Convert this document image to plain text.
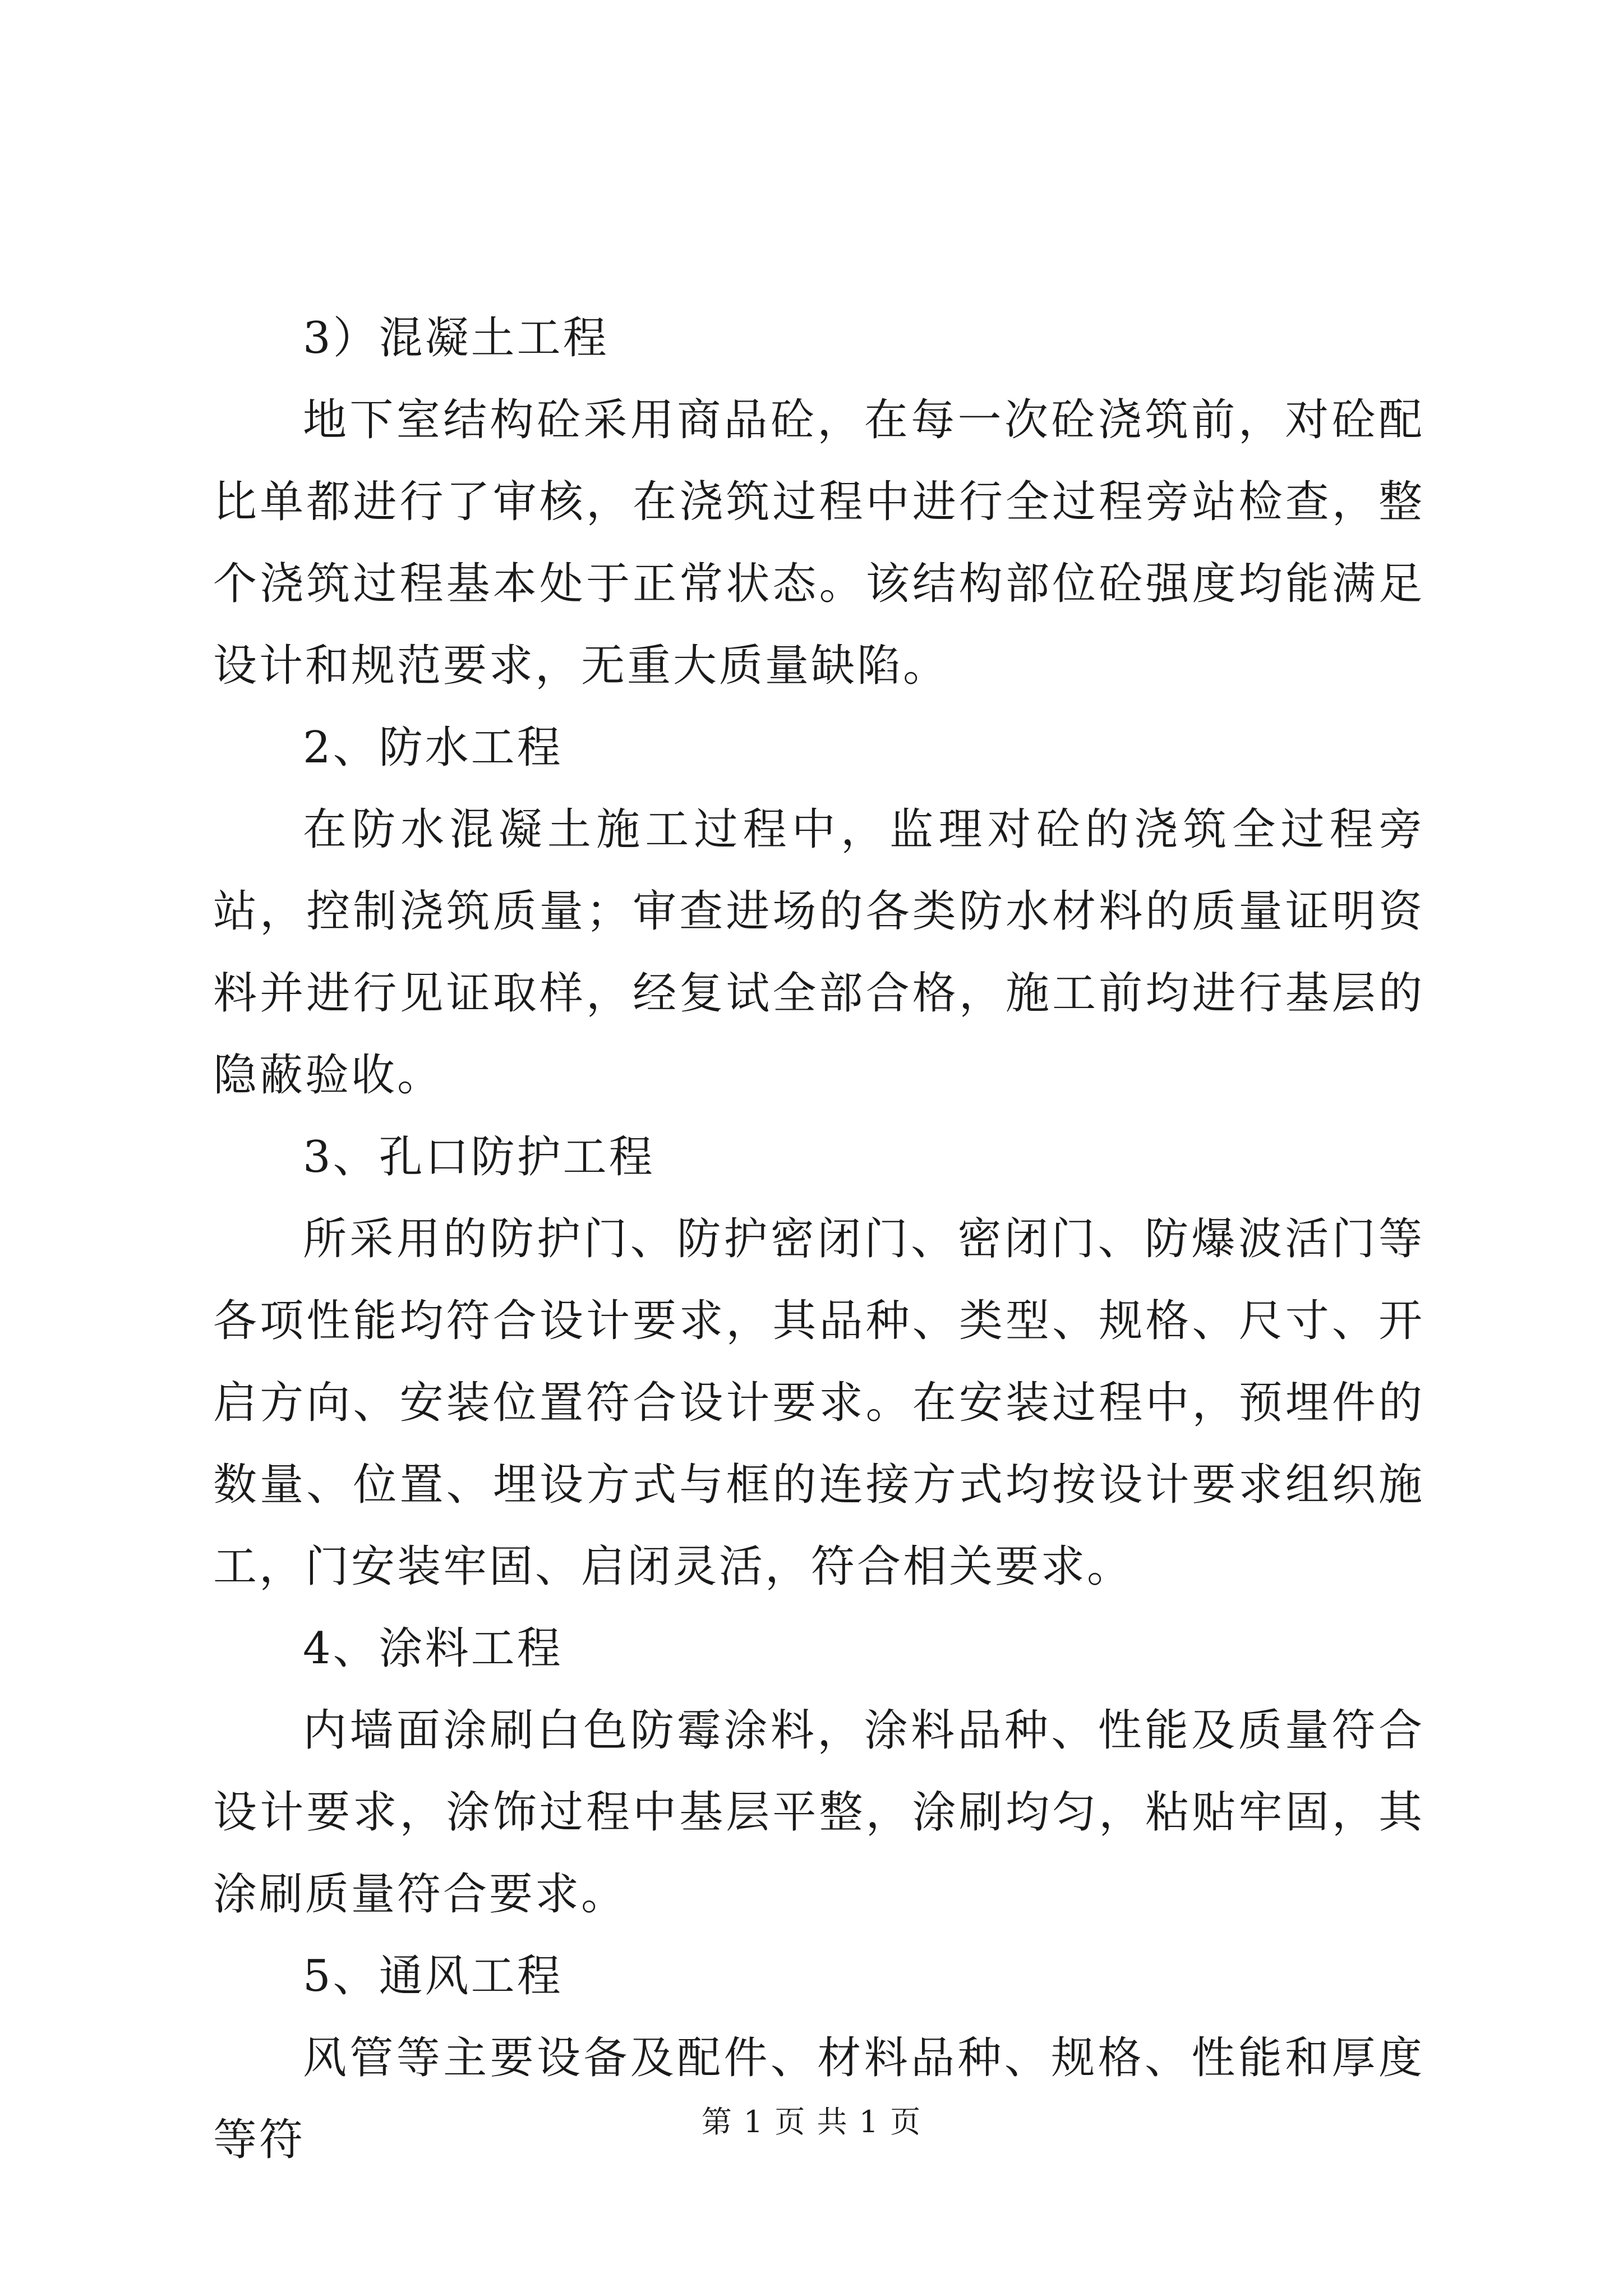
3）混凝土工程

地下室结构砼采用商品砼，在每一次砼浇筑前，对砼配比单都进行了审核，在浇筑过程中进行全过程旁站检查，整个浇筑过程基本处于正常状态。该结构部位砼强度均能满足设计和规范要求，无重大质量缺陷。

2、防水工程

在防水混凝土施工过程中，监理对砼的浇筑全过程旁站，控制浇筑质量；审查进场的各类防水材料的质量证明资料并进行见证取样，经复试全部合格，施工前均进行基层的隐蔽验收。

3、孔口防护工程

所采用的防护门、防护密闭门、密闭门、防爆波活门等各项性能均符合设计要求，其品种、类型、规格、尺寸、开启方向、安装位置符合设计要求。在安装过程中，预埋件的数量、位置、埋设方式与框的连接方式均按设计要求组织施工，门安装牢固、启闭灵活，符合相关要求。

4、涂料工程

内墙面涂刷白色防霉涂料，涂料品种、性能及质量符合设计要求，涂饰过程中基层平整，涂刷均匀，粘贴牢固，其涂刷质量符合要求。

5、通风工程

风管等主要设备及配件、材料品种、规格、性能和厚度等符	第 1 页 共 1 页
